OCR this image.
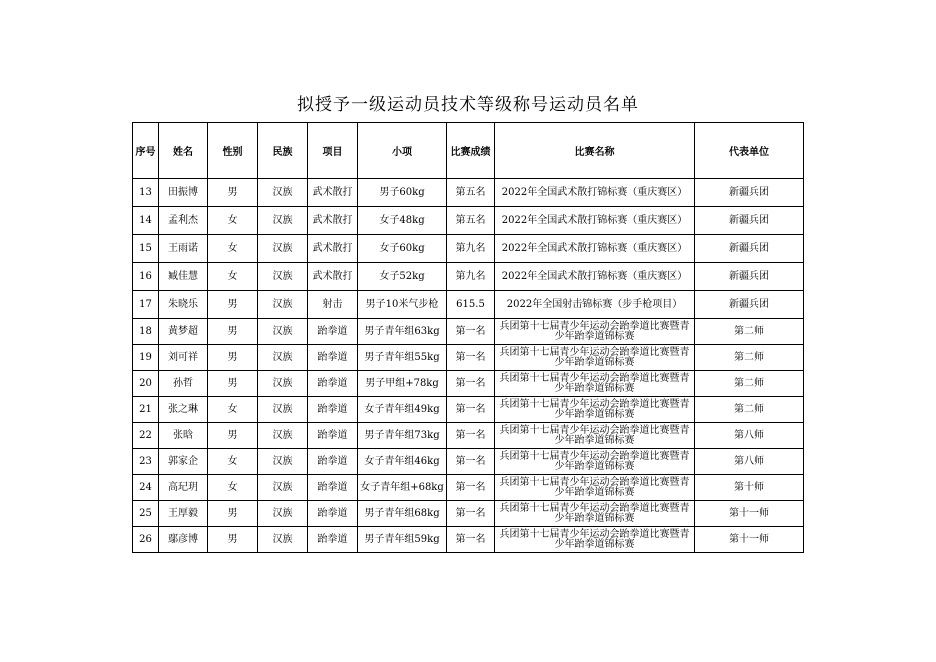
拟授予一级运动员技术等级称号运动员名单
序号	姓名	性别	民族	项目	小项	比赛成绩	比赛名称	代表单位
13	田振博	男	汉族	武术散打	男子60kg	第五名	2022年全国武术散打锦标赛（重庆赛区）	新疆兵团
14	孟利杰	女	汉族	武术散打	女子48kg	第五名	2022年全国武术散打锦标赛（重庆赛区）	新疆兵团
15	王雨诺	女	汉族	武术散打	女子60kg	第九名	2022年全国武术散打锦标赛（重庆赛区）	新疆兵团
16	臧佳慧	女	汉族	武术散打	女子52kg	第九名	2022年全国武术散打锦标赛（重庆赛区）	新疆兵团
17	朱晓乐	男	汉族	射击	男子10米气步枪	615.5	2022年全国射击锦标赛（步手枪项目）	新疆兵团
18	黄梦超	男	汉族	跆拳道	男子青年组63kg	第一名	兵团第十七届青少年运动会跆拳道比赛暨青少年跆拳道锦标赛	第二师
19	刘可祥	男	汉族	跆拳道	男子青年组55kg	第一名	兵团第十七届青少年运动会跆拳道比赛暨青少年跆拳道锦标赛	第二师
20	孙哲	男	汉族	跆拳道	男子甲组+78kg	第一名	兵团第十七届青少年运动会跆拳道比赛暨青少年跆拳道锦标赛	第二师
21	张之琳	女	汉族	跆拳道	女子青年组49kg	第一名	兵团第十七届青少年运动会跆拳道比赛暨青少年跆拳道锦标赛	第二师
22	张晗	男	汉族	跆拳道	男子青年组73kg	第一名	兵团第十七届青少年运动会跆拳道比赛暨青少年跆拳道锦标赛	第八师
23	郭家企	女	汉族	跆拳道	女子青年组46kg	第一名	兵团第十七届青少年运动会跆拳道比赛暨青少年跆拳道锦标赛	第八师
24	高玘玥	女	汉族	跆拳道	女子青年组+68kg	第一名	兵团第十七届青少年运动会跆拳道比赛暨青少年跆拳道锦标赛	第十师
25	王厚毅	男	汉族	跆拳道	男子青年组68kg	第一名	兵团第十七届青少年运动会跆拳道比赛暨青少年跆拳道锦标赛	第十一师
26	鄢彦博	男	汉族	跆拳道	男子青年组59kg	第一名	兵团第十七届青少年运动会跆拳道比赛暨青少年跆拳道锦标赛	第十一师
